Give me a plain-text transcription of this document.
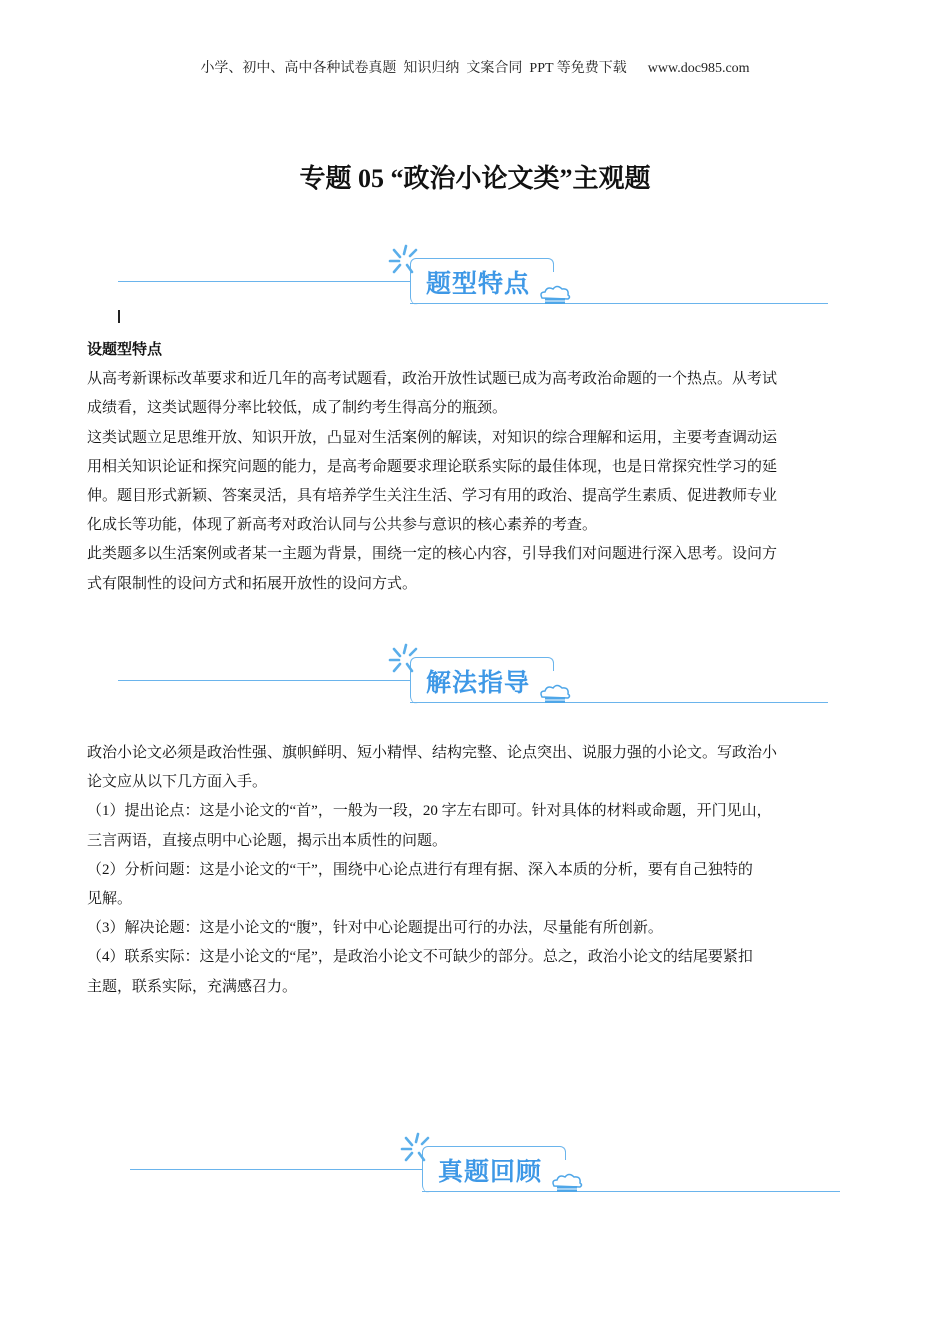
小学、初中、高中各种试卷真题  知识归纳  文案合同  PPT 等免费下载      www.doc985.com
专题 05 “政治小论文类”主观题
题型特点
解法指导
真题回顾
设题型特点
从高考新课标改革要求和近几年的高考试题看，政治开放性试题已成为高考政治命题的一个热点。从考试
成绩看，这类试题得分率比较低，成了制约考生得高分的瓶颈。
这类试题立足思维开放、知识开放，凸显对生活案例的解读，对知识的综合理解和运用，主要考查调动运
用相关知识论证和探究问题的能力，是高考命题要求理论联系实际的最佳体现，也是日常探究性学习的延
伸。题目形式新颖、答案灵活，具有培养学生关注生活、学习有用的政治、提高学生素质、促进教师专业
化成长等功能，体现了新高考对政治认同与公共参与意识的核心素养的考查。
此类题多以生活案例或者某一主题为背景，围绕一定的核心内容，引导我们对问题进行深入思考。设问方
式有限制性的设问方式和拓展开放性的设问方式。
政治小论文必须是政治性强、旗帜鲜明、短小精悍、结构完整、论点突出、说服力强的小论文。写政治小
论文应从以下几方面入手。
（1）提出论点：这是小论文的“首”，一般为一段，20 字左右即可。针对具体的材料或命题，开门见山，
三言两语，直接点明中心论题，揭示出本质性的问题。
（2）分析问题：这是小论文的“干”，围绕中心论点进行有理有据、深入本质的分析，要有自己独特的
见解。
（3）解决论题：这是小论文的“腹”，针对中心论题提出可行的办法，尽量能有所创新。
（4）联系实际：这是小论文的“尾”，是政治小论文不可缺少的部分。总之，政治小论文的结尾要紧扣
主题，联系实际，充满感召力。
